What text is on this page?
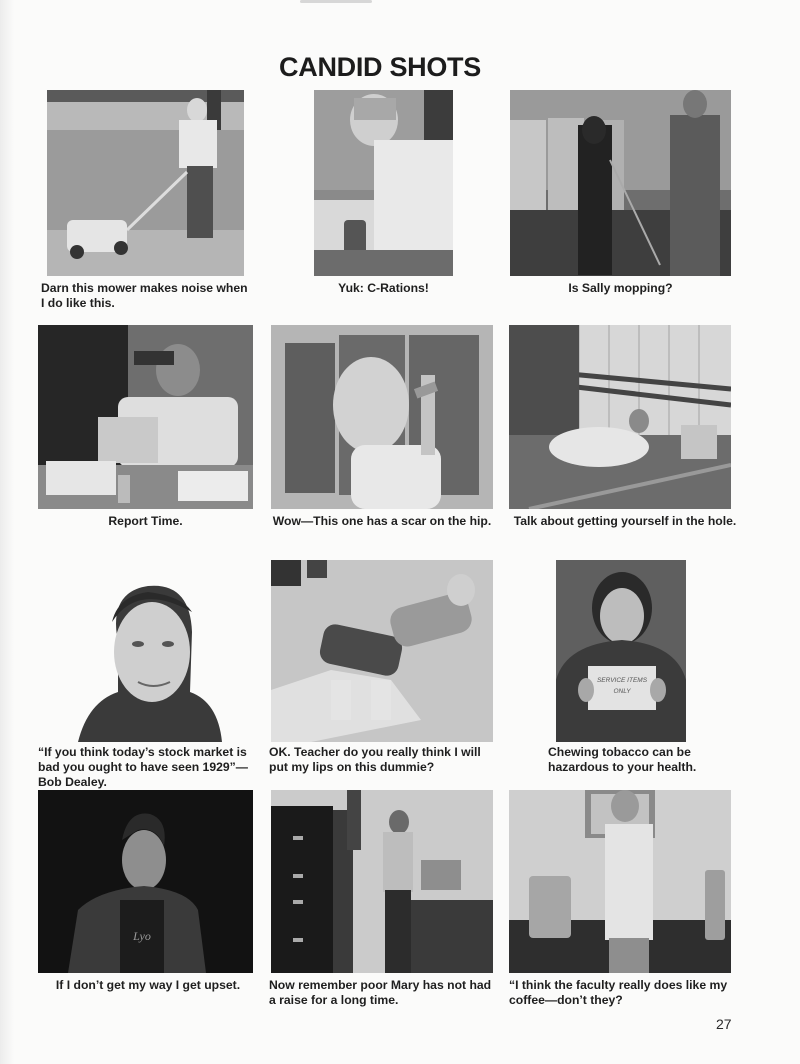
CANDID SHOTS
Darn this mower makes noise when
I do like this.
Yuk: C-Rations!	Is Sally mopping?
Report Time.	Wow—This one has a scar on the hip.	Talk about getting yourself in the hole.
“If you think today’s stock market is
bad you ought to have seen 1929”—
Bob Dealey.
OK. Teacher do you really think I will
put my lips on this dummie?
SERVICE ITEMS
ONLY
Chewing tobacco can be
hazardous to your health.
Lyo
If I don’t get my way I get upset.	Now remember poor Mary has not had
a raise for a long time.
“I think the faculty really does like my
coffee—don’t they?
27
